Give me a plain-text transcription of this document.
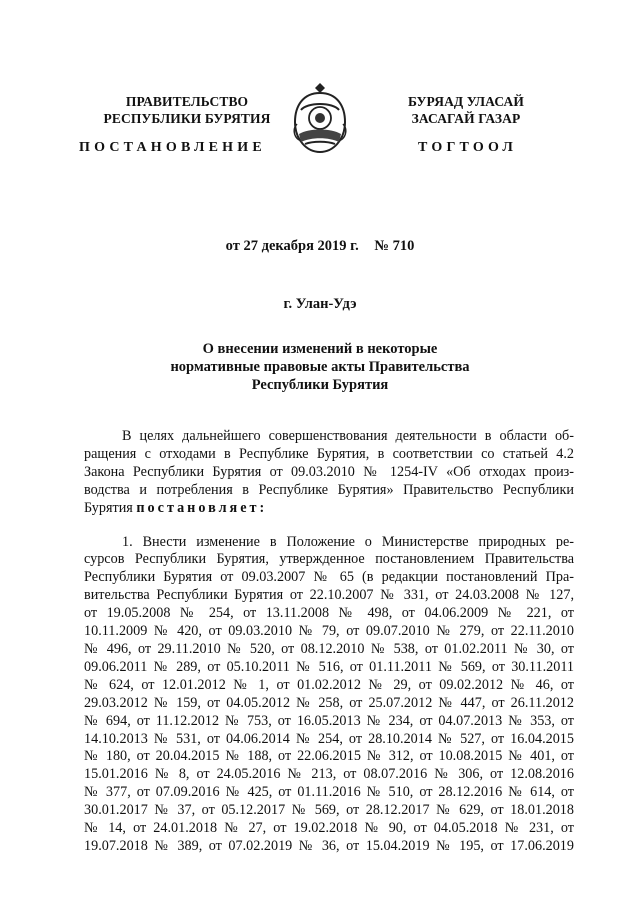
ПРАВИТЕЛЬСТВО
РЕСПУБЛИКИ БУРЯТИЯ
БУРЯАД УЛАСАЙ
ЗАСАГАЙ ГАЗАР
ПОСТАНОВЛЕНИЕ	ТОГТООЛ
от 27 декабря 2019 г. № 710
г. Улан-Удэ
О внесении изменений в некоторые
нормативные правовые акты Правительства
Республики Бурятия
В целях дальнейшего совершенствования деятельности в области об-
ращения с отходами в Республике Бурятия, в соответствии со статьей 4.2
Закона Республики Бурятия от 09.03.2010 № 1254-IV «Об отходах произ-
водства и потребления в Республике Бурятия» Правительство Республики
Бурятия постановляет:
1. Внести изменение в Положение о Министерстве природных ре-
сурсов Республики Бурятия, утвержденное постановлением Правительства
Республики Бурятия от 09.03.2007 № 65 (в редакции постановлений Пра-
вительства Республики Бурятия от 22.10.2007 № 331, от 24.03.2008 № 127,
от 19.05.2008 № 254, от 13.11.2008 № 498, от 04.06.2009 № 221, от
10.11.2009 № 420, от 09.03.2010 № 79, от 09.07.2010 № 279, от 22.11.2010
№ 496, от 29.11.2010 № 520, от 08.12.2010 № 538, от 01.02.2011 № 30, от
09.06.2011 № 289, от 05.10.2011 № 516, от 01.11.2011 № 569, от 30.11.2011
№ 624, от 12.01.2012 № 1, от 01.02.2012 № 29, от 09.02.2012 № 46, от
29.03.2012 № 159, от 04.05.2012 № 258, от 25.07.2012 № 447, от 26.11.2012
№ 694, от 11.12.2012 № 753, от 16.05.2013 № 234, от 04.07.2013 № 353, от
14.10.2013 № 531, от 04.06.2014 № 254, от 28.10.2014 № 527, от 16.04.2015
№ 180, от 20.04.2015 № 188, от 22.06.2015 № 312, от 10.08.2015 № 401, от
15.01.2016 № 8, от 24.05.2016 № 213, от 08.07.2016 № 306, от 12.08.2016
№ 377, от 07.09.2016 № 425, от 01.11.2016 № 510, от 28.12.2016 № 614, от
30.01.2017 № 37, от 05.12.2017 № 569, от 28.12.2017 № 629, от 18.01.2018
№ 14, от 24.01.2018 № 27, от 19.02.2018 № 90, от 04.05.2018 № 231, от
19.07.2018 № 389, от 07.02.2019 № 36, от 15.04.2019 № 195, от 17.06.2019
